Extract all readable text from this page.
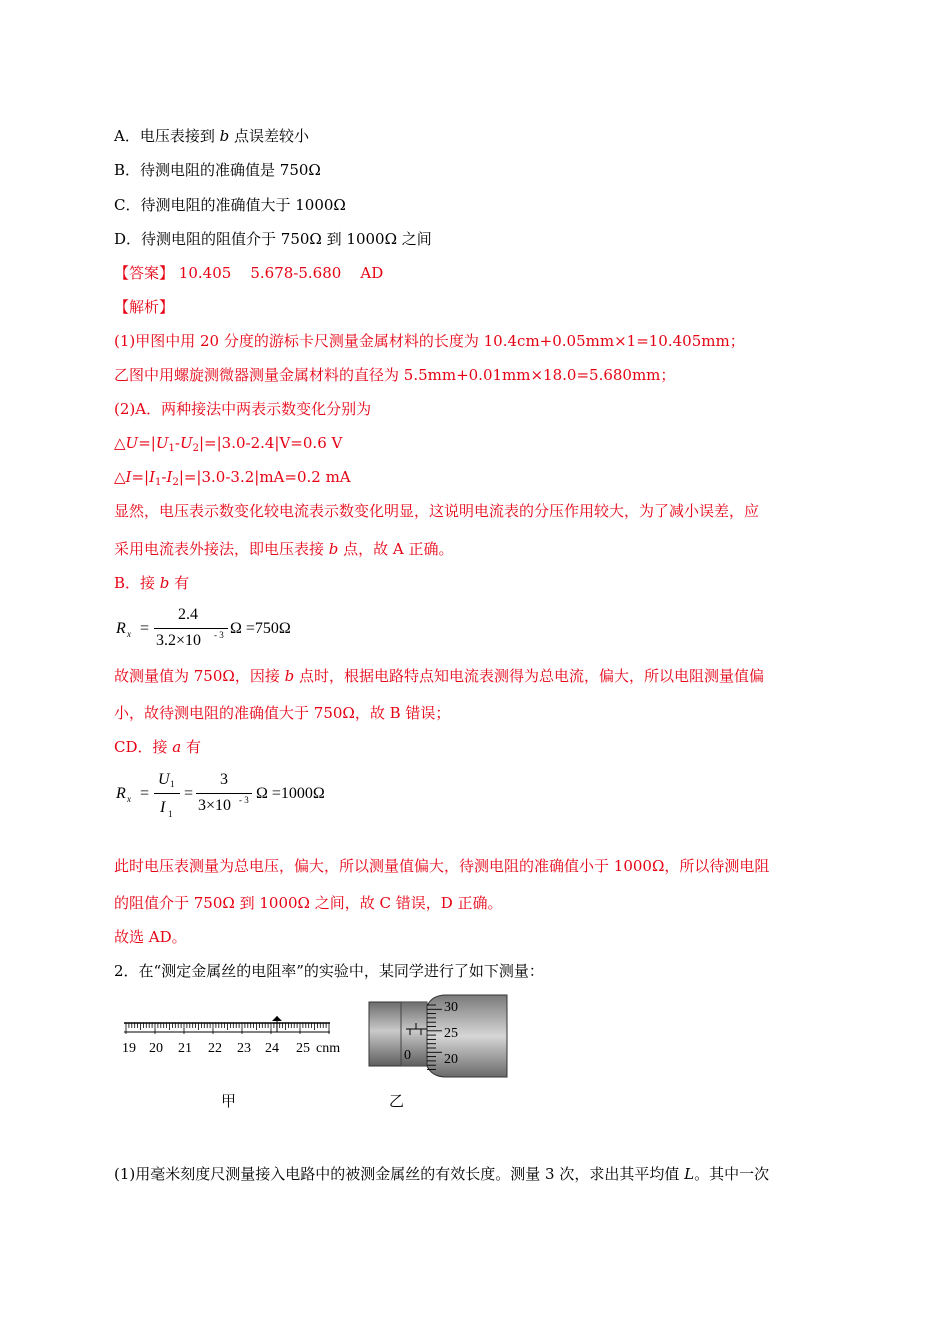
A．电压表接到 b 点误差较小
B．待测电阻的准确值是 750Ω
C．待测电阻的准确值大于 1000Ω
D．待测电阻的阻值介于 750Ω 到 1000Ω 之间
【答案】 10.405    5.678-5.680    AD
【解析】
(1)甲图中用 20 分度的游标卡尺测量金属材料的长度为 10.4cm+0.05mm×1=10.405mm；
乙图中用螺旋测微器测量金属材料的直径为 5.5mm+0.01mm×18.0=5.680mm；
(2)A．两种接法中两表示数变化分别为
$\triangle U=|U_1-U_2|=|3.0-2.4|V=0.6$ V
$\triangle I=|I_1-I_2|=|3.0-3.2|mA=0.2$ mA
显然，电压表示数变化较电流表示数变化明显，这说明电流表的分压作用较大，为了减小误差，应
采用电流表外接法，即电压表接 b 点，故 A 正确。
B．接 b 有
R x =
2.4
3.2×10 - 3 Ω =750Ω
故测量值为 750Ω，因接 b 点时，根据电路特点知电流表测得为总电流，偏大，所以电阻测量值偏
小，故待测电阻的准确值大于 750Ω，故 B 错误；
CD．接 a 有
R x =
U 1
I 1
=
3
3×10 - 3 Ω =1000Ω
此时电压表测量为总电压，偏大，所以测量值偏大，待测电阻的准确值小于 1000Ω，所以待测电阻
的阻值介于 750Ω 到 1000Ω 之间，故 C 错误，D 正确。
故选 AD。
2．在“测定金属丝的电阻率”的实验中，某同学进行了如下测量：
19 20 21 22 23 24 25 cnm	0
30
25
20
甲	乙
(1)用毫米刻度尺测量接入电路中的被测金属丝的有效长度。测量 3 次，求出其平均值 L。其中一次
